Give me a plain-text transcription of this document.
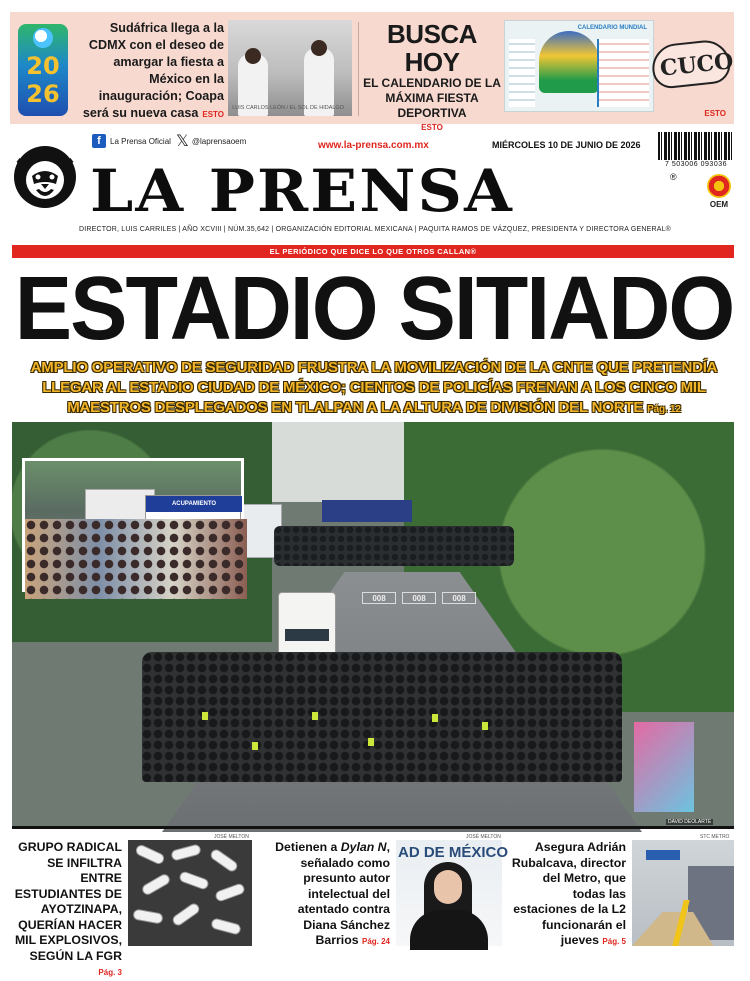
20
26
Sudáfrica llega a la CDMX con el deseo de amargar la fiesta a México en la inauguración; Coapa será su nueva casa ESTO
BUSCA HOY
EL CALENDARIO DE LA MÁXIMA FIESTA DEPORTIVA
ESTO
CALENDARIO MUNDIAL
CUCO
ESTO
LUIS CARLOS LEÓN / EL SOL DE HIDALGO
f	La Prensa Oficial 𝕏 @laprensaoem	www.la-prensa.com.mx	MIÉRCOLES 10 DE JUNIO DE 2026
7 503006 093036
LA PRENSA	®
OEM
DIRECTOR, LUIS CARRILES | AÑO XCVIII | NÚM.35,642 | ORGANIZACIÓN EDITORIAL MEXICANA | PAQUITA RAMOS DE VÁZQUEZ, PRESIDENTA Y DIRECTORA GENERAL®
EL PERIÓDICO QUE DICE LO QUE OTROS CALLAN®
ESTADIO SITIADO
AMPLIO OPERATIVO DE SEGURIDAD FRUSTRA LA MOVILIZACIÓN DE LA CNTE QUE PRETENDÍA LLEGAR AL ESTADIO CIUDAD DE MÉXICO; CIENTOS DE POLICÍAS FRENAN A LOS CINCO MIL MAESTROS DESPLEGADOS EN TLALPAN A LA ALTURA DE DIVISIÓN DEL NORTE Pág. 12
008	008	008
ACUPAMIENTO
DAVID DEOLARTE
GRUPO RADICAL SE INFILTRA ENTRE ESTUDIANTES DE AYOTZINAPA, QUERÍAN HACER MIL EXPLOSIVOS, SEGÚN LA FGR Pág. 3
JOSÉ MELTON
Detienen a Dylan N, señalado como presunto autor intelectual del atentado contra Diana Sánchez Barrios Pág. 24
JOSÉ MELTON
AD DE MÉXICO	Asegura Adrián Rubalcava, director del Metro, que todas las estaciones de la L2 funcionarán el jueves Pág. 5
STC METRO
